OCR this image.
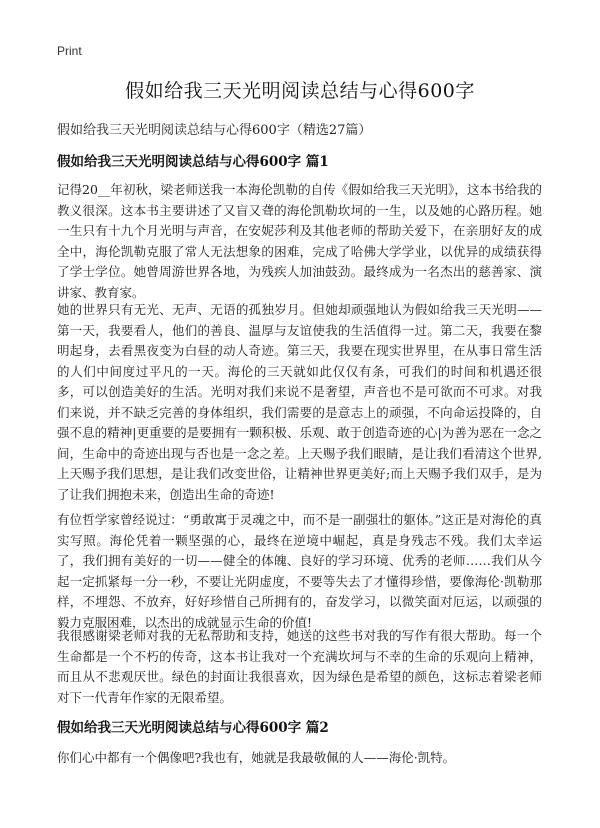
Print
假如给我三天光明阅读总结与心得600字

假如给我三天光明阅读总结与心得600字（精选27篇）

假如给我三天光明阅读总结与心得600字 篇1

记得20__年初秋，梁老师送我一本海伦凯勒的自传《假如给我三天光明》，这本书给我的教义很深。这本书主要讲述了又盲又聋的海伦凯勒坎坷的一生，以及她的心路历程。她一生只有十九个月光明与声音，在安妮莎利及其他老师的帮助关爱下，在亲朋好友的成全中，海伦凯勒克服了常人无法想象的困难，完成了哈佛大学学业，以优异的成绩获得了学士学位。她曾周游世界各地，为残疾人加油鼓劲。最终成为一名杰出的慈善家、演讲家、教育家。

她的世界只有无光、无声、无语的孤独岁月。但她却顽强地认为假如给我三天光明——第一天，我要看人，他们的善良、温厚与友谊使我的生活值得一过。第二天，我要在黎明起身，去看黑夜变为白昼的动人奇迹。第三天，我要在现实世界里，在从事日常生活的人们中间度过平凡的一天。海伦的三天就如此仅仅有条，可我们的时间和机遇还很多，可以创造美好的生活。光明对我们来说不是奢望，声音也不是可欲而不可求。对我们来说，并不缺乏完善的身体组织，我们需要的是意志上的顽强，不向命运投降的，自强不息的精神|更重要的是要拥有一颗积极、乐观、敢于创造奇迹的心|为善为恶在一念之间，生命中的奇迹出现与否也是一念之差。上天赐予我们眼睛，是让我们看清这个世界,上天赐予我们思想，是让我们改变世俗，让精神世界更美好;而上天赐予我们双手，是为了让我们拥抱未来，创造出生命的奇迹!

有位哲学家曾经说过：“勇敢寓于灵魂之中，而不是一副强壮的躯体。”这正是对海伦的真实写照。海伦凭着一颗坚强的心，最终在逆境中崛起，真是身残志不残。我们太幸运了，我们拥有美好的一切——健全的体魄、良好的学习环境、优秀的老师……我们从今起一定抓紧每一分一秒，不要让光阴虚度，不要等失去了才懂得珍惜，要像海伦·凯勒那样，不埋怨、不放弃，好好珍惜自己所拥有的，奋发学习，以微笑面对厄运，以顽强的毅力克服困难，以杰出的成就显示生命的价值!

我很感谢梁老师对我的无私帮助和支持，她送的这些书对我的写作有很大帮助。每一个生命都是一个不朽的传奇，这本书让我对一个充满坎坷与不幸的生命的乐观向上精神，而且从不悲观厌世。绿色的封面让我很喜欢，因为绿色是希望的颜色，这标志着梁老师对下一代青年作家的无限希望。

假如给我三天光明阅读总结与心得600字 篇2

你们心中都有一个偶像吧?我也有，她就是我最敬佩的人——海伦·凯特。
